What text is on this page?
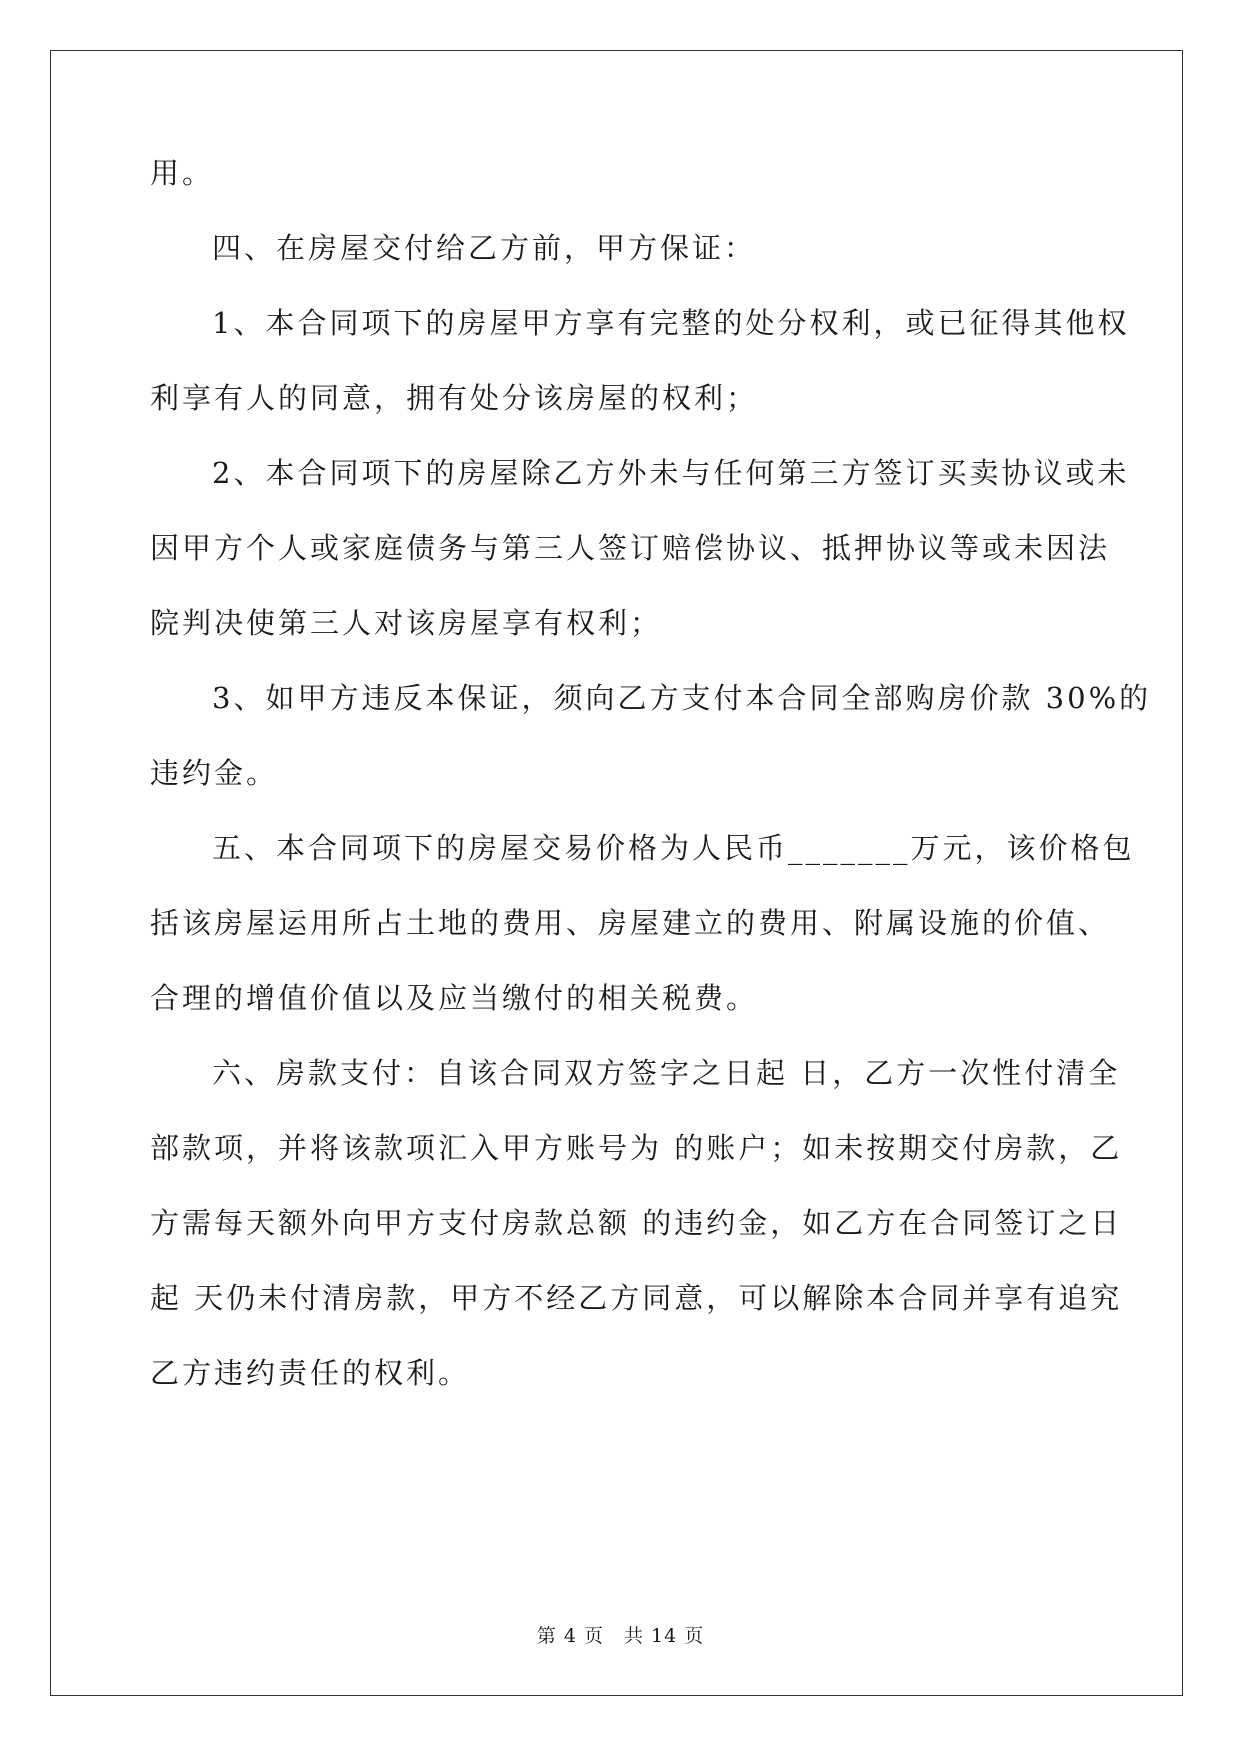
用。
四、在房屋交付给乙方前，甲方保证：
1、本合同项下的房屋甲方享有完整的处分权利，或已征得其他权
利享有人的同意，拥有处分该房屋的权利；
2、本合同项下的房屋除乙方外未与任何第三方签订买卖协议或未
因甲方个人或家庭债务与第三人签订赔偿协议、抵押协议等或未因法
院判决使第三人对该房屋享有权利；
3、如甲方违反本保证，须向乙方支付本合同全部购房价款 30%的
违约金。
五、本合同项下的房屋交易价格为人民币_______万元，该价格包
括该房屋运用所占土地的费用、房屋建立的费用、附属设施的价值、
合理的增值价值以及应当缴付的相关税费。
六、房款支付：自该合同双方签字之日起 日，乙方一次性付清全
部款项，并将该款项汇入甲方账号为 的账户；如未按期交付房款，乙
方需每天额外向甲方支付房款总额 的违约金，如乙方在合同签订之日
起 天仍未付清房款，甲方不经乙方同意，可以解除本合同并享有追究
乙方违约责任的权利。
第 4 页　共 14 页
